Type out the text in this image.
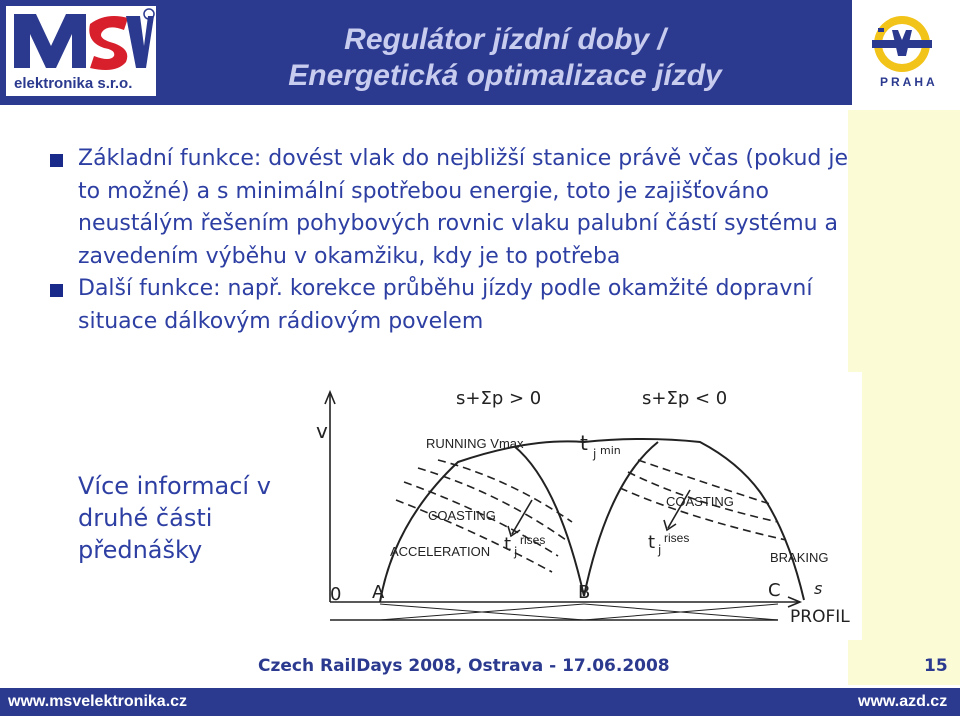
elektronika s.r.o.
Regulátor jízdní doby /
Energetická optimalizace jízdy	PRAHA
Základní funkce: dovést vlak do nejbližší stanice právě včas (pokud je to možné) a s minimální spotřebou energie, toto je zajišťováno neustálým řešením pohybových rovnic vlaku palubní částí systému a zavedením výběhu v okamžiku, kdy je to potřeba
Další funkce: např. korekce průběhu jízdy podle okamžité dopravní situace dálkovým rádiovým povelem
Více informací v
druhé části
přednášky
s+Σp > 0	s+Σp < 0
v
RUNNING Vmax	t j min
COASTING
COASTING
ACCELERATION t j
rises	t j
rises
BRAKING
0 A	B	C s
PROFIL
Czech RailDays 2008, Ostrava - 17.06.2008	15
www.msvelektronika.cz	www.azd.cz
